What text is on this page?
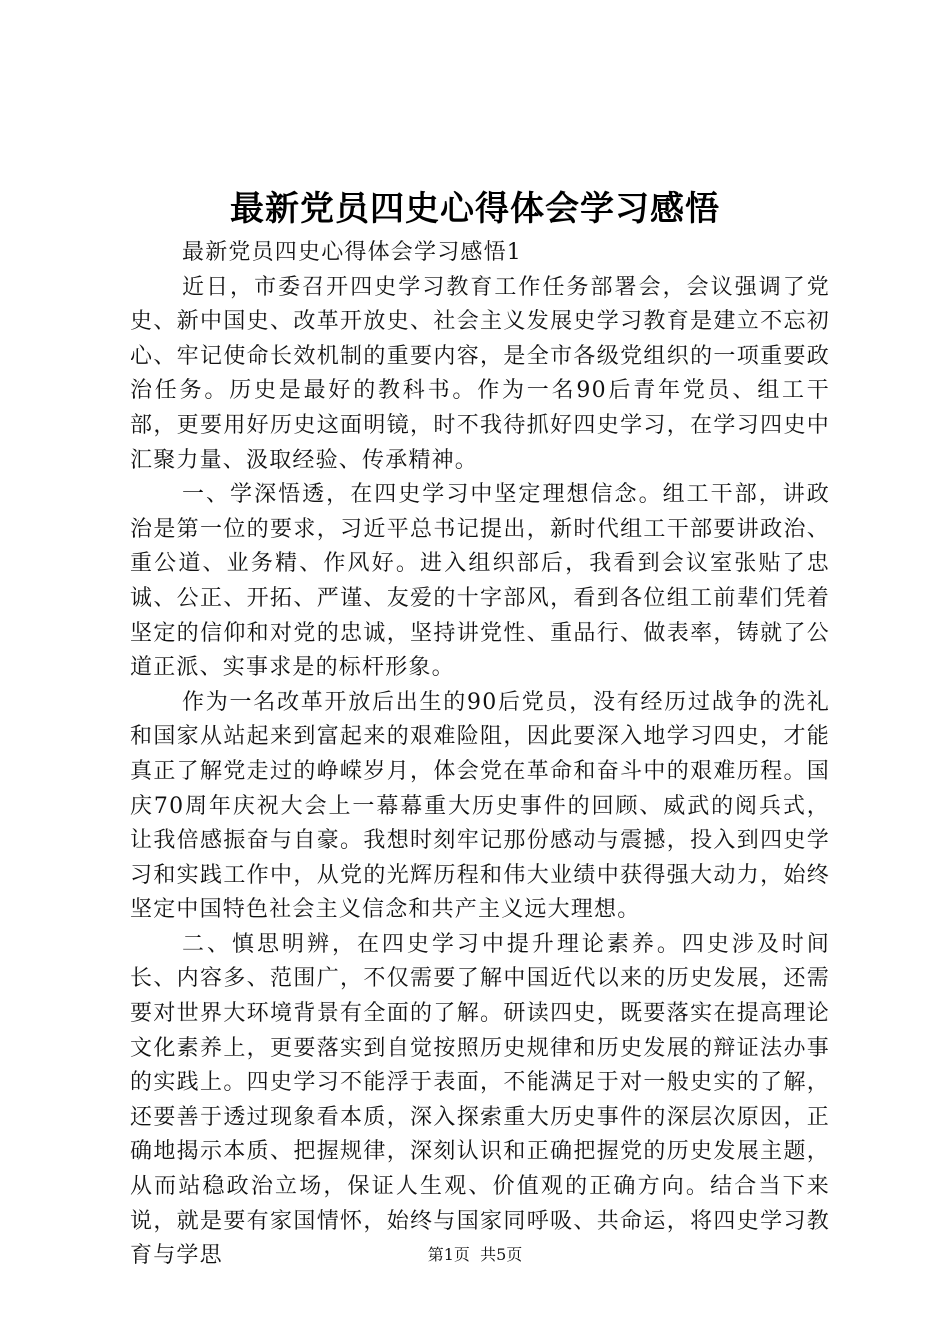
最新党员四史心得体会学习感悟

最新党员四史心得体会学习感悟1

近日，市委召开四史学习教育工作任务部署会，会议强调了党史、新中国史、改革开放史、社会主义发展史学习教育是建立不忘初心、牢记使命长效机制的重要内容，是全市各级党组织的一项重要政治任务。历史是最好的教科书。作为一名90后青年党员、组工干部，更要用好历史这面明镜，时不我待抓好四史学习，在学习四史中汇聚力量、汲取经验、传承精神。

一、学深悟透，在四史学习中坚定理想信念。组工干部，讲政治是第一位的要求，习近平总书记提出，新时代组工干部要讲政治、重公道、业务精、作风好。进入组织部后，我看到会议室张贴了忠诚、公正、开拓、严谨、友爱的十字部风，看到各位组工前辈们凭着坚定的信仰和对党的忠诚，坚持讲党性、重品行、做表率，铸就了公道正派、实事求是的标杆形象。

作为一名改革开放后出生的90后党员，没有经历过战争的洗礼和国家从站起来到富起来的艰难险阻，因此要深入地学习四史，才能真正了解党走过的峥嵘岁月，体会党在革命和奋斗中的艰难历程。国庆70周年庆祝大会上一幕幕重大历史事件的回顾、威武的阅兵式，让我倍感振奋与自豪。我想时刻牢记那份感动与震撼，投入到四史学习和实践工作中，从党的光辉历程和伟大业绩中获得强大动力，始终坚定中国特色社会主义信念和共产主义远大理想。

二、慎思明辨，在四史学习中提升理论素养。四史涉及时间长、内容多、范围广，不仅需要了解中国近代以来的历史发展，还需要对世界大环境背景有全面的了解。研读四史，既要落实在提高理论文化素养上，更要落实到自觉按照历史规律和历史发展的辩证法办事的实践上。四史学习不能浮于表面，不能满足于对一般史实的了解，还要善于透过现象看本质，深入探索重大历史事件的深层次原因，正确地揭示本质、把握规律，深刻认识和正确把握党的历史发展主题，从而站稳政治立场，保证人生观、价值观的正确方向。结合当下来说，就是要有家国情怀，始终与国家同呼吸、共命运，将四史学习教育与学思	第1页  共5页
